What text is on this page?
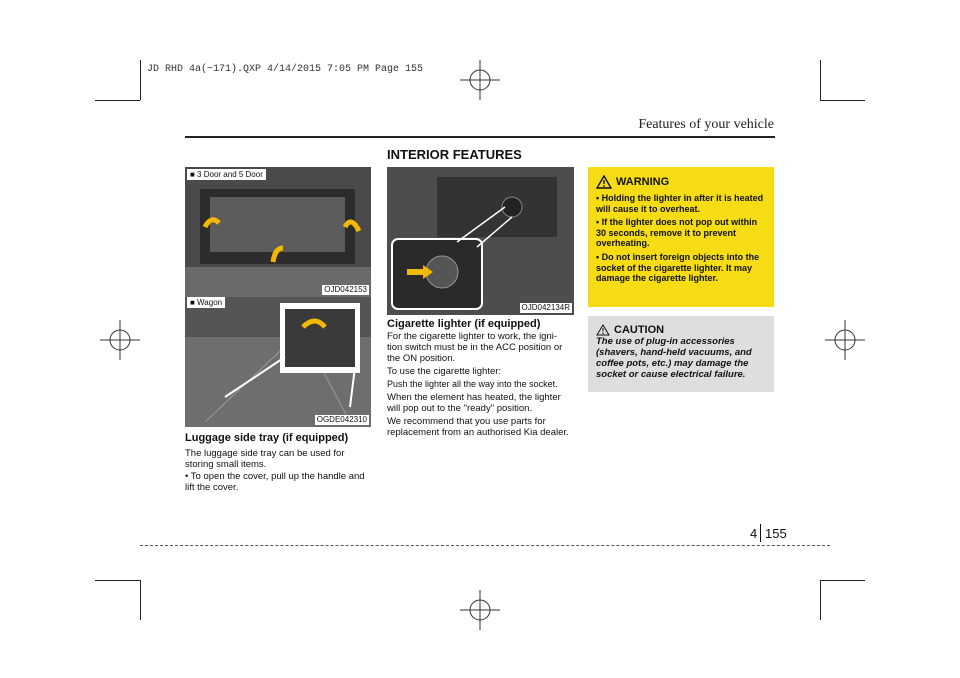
JD RHD 4a(~171).QXP 4/14/2015 7:05 PM Page 155
Features of your vehicle
INTERIOR FEATURES
■ 3 Door and 5 Door
OJD042153
■ Wagon
OGDE042310
Luggage side tray (if equipped)
The luggage side tray can be used for storing small items.
• To open the cover, pull up the handle and lift the cover.
OJD042134R
Cigarette lighter (if equipped)
For the cigarette lighter to work, the igni- tion switch must be in the ACC position or the ON position.
To use the cigarette lighter:
Push the lighter all the way into the socket.
When the element has heated, the lighter will pop out to the "ready" position.
We recommend that you use parts for replacement from an authorised Kia dealer.
WARNING
• Holding the lighter in after it is heated will cause it to overheat.
• If the lighter does not pop out within 30 seconds, remove it to prevent overheating.
• Do not insert foreign objects into the socket of the cigarette lighter. It may damage the cigarette lighter.
CAUTION
The use of plug-in accessories (shavers, hand-held vacuums, and coffee pots, etc.) may damage the socket or cause electrical failure.
4 155
